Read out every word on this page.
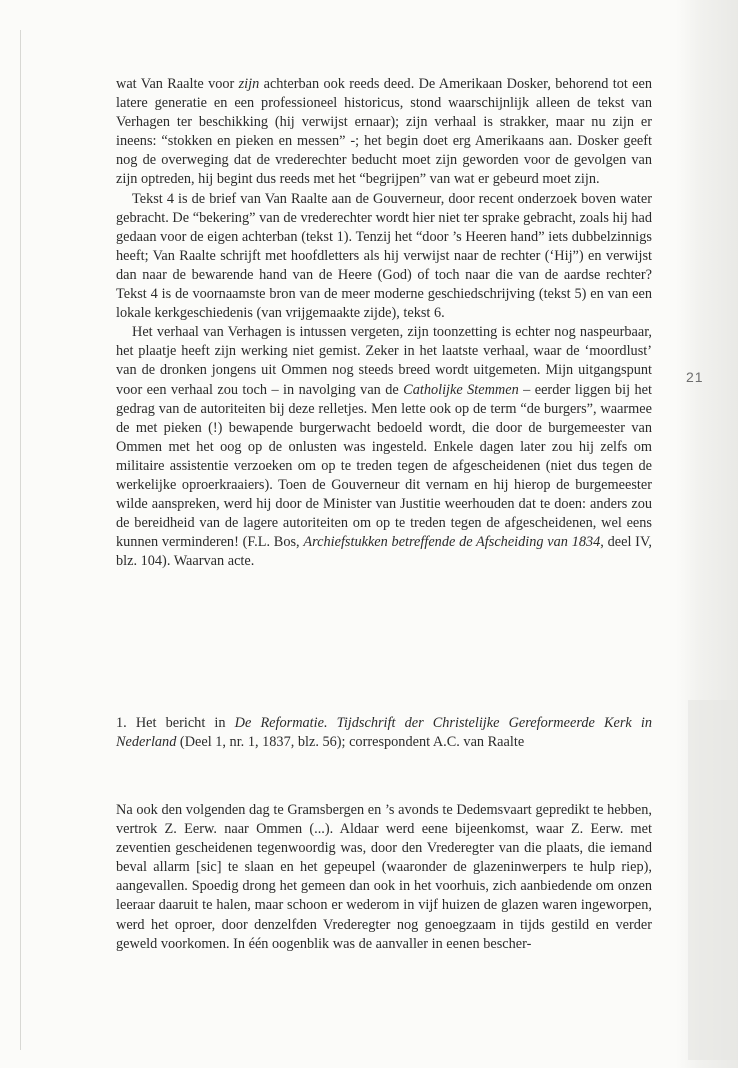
wat Van Raalte voor zijn achterban ook reeds deed. De Amerikaan Dosker, behorend tot een latere generatie en een professioneel historicus, stond waarschijnlijk alleen de tekst van Verhagen ter beschikking (hij verwijst ernaar); zijn verhaal is strakker, maar nu zijn er ineens: “stokken en pieken en messen” -; het begin doet erg Amerikaans aan. Dosker geeft nog de overweging dat de vrederechter beducht moet zijn geworden voor de gevolgen van zijn optreden, hij begint dus reeds met het “begrijpen” van wat er gebeurd moet zijn.

Tekst 4 is de brief van Van Raalte aan de Gouverneur, door recent onderzoek boven water gebracht. De “bekering” van de vrederechter wordt hier niet ter sprake gebracht, zoals hij had gedaan voor de eigen achterban (tekst 1). Tenzij het “door ’s Heeren hand” iets dubbelzinnigs heeft; Van Raalte schrijft met hoofdletters als hij verwijst naar de rechter (‘Hij”) en verwijst dan naar de bewarende hand van de Heere (God) of toch naar die van de aardse rechter? Tekst 4 is de voornaamste bron van de meer moderne geschiedschrijving (tekst 5) en van een lokale kerkgeschiedenis (van vrijgemaakte zijde), tekst 6.

Het verhaal van Verhagen is intussen vergeten, zijn toonzetting is echter nog naspeurbaar, het plaatje heeft zijn werking niet gemist. Zeker in het laatste verhaal, waar de ‘moordlust’ van de dronken jongens uit Ommen nog steeds breed wordt uitgemeten. Mijn uitgangspunt voor een verhaal zou toch – in navolging van de Catholijke Stemmen – eerder liggen bij het gedrag van de autoriteiten bij deze relletjes. Men lette ook op de term “de burgers”, waarmee de met pieken (!) bewapende burgerwacht bedoeld wordt, die door de burgemeester van Ommen met het oog op de onlusten was ingesteld. Enkele dagen later zou hij zelfs om militaire assistentie verzoeken om op te treden tegen de afgescheidenen (niet dus tegen de werkelijke oproerkraaiers). Toen de Gouverneur dit vernam en hij hierop de burgemeester wilde aanspreken, werd hij door de Minister van Justitie weerhouden dat te doen: anders zou de bereidheid van de lagere autoriteiten om op te treden tegen de afgescheidenen, wel eens kunnen verminderen! (F.L. Bos, Archiefstukken betreffende de Afscheiding van 1834, deel IV, blz. 104). Waarvan acte.

21

1. Het bericht in De Reformatie. Tijdschrift der Christelijke Gereformeerde Kerk in Nederland (Deel 1, nr. 1, 1837, blz. 56); correspondent A.C. van Raalte

Na ook den volgenden dag te Gramsbergen en ’s avonds te Dedemsvaart gepredikt te hebben, vertrok Z. Eerw. naar Ommen (...). Aldaar werd eene bijeenkomst, waar Z. Eerw. met zeventien gescheidenen tegenwoordig was, door den Vrederegter van die plaats, die iemand beval allarm [sic] te slaan en het gepeupel (waaronder de glazeninwerpers te hulp riep), aangevallen. Spoedig drong het gemeen dan ook in het voorhuis, zich aanbiedende om onzen leeraar daaruit te halen, maar schoon er wederom in vijf huizen de glazen waren ingeworpen, werd het oproer, door denzelfden Vrederegter nog genoegzaam in tijds gestild en verder geweld voorkomen. In één oogenblik was de aanvaller in eenen bescher-
